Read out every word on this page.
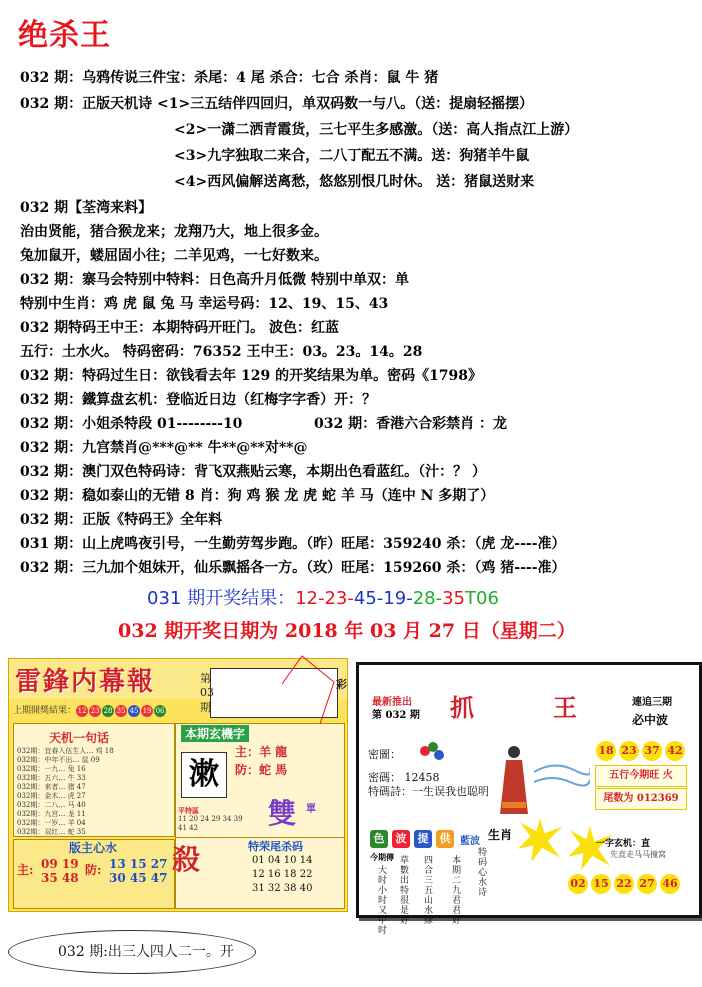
绝杀王
032 期：乌鸦传说三件宝：杀尾：4 尾 杀合：七合 杀肖：鼠 牛 猪
032 期：正版天机诗 <1>三五结伴四回归，单双码数一与八。（送：提扇轻摇摆）
<2>一潇二洒青霞货，三七平生多感激。（送：高人指点江上游）
<3>九字独取二来合，二八丁配五不满。送：狗猪羊牛鼠
<4>西风偏解送离愁，悠悠别恨几时休。 送：猪鼠送财来
032 期【荃湾来料】
治由贤能，猪合猴龙来；龙翔乃大，地上很多金。
兔加鼠开，蝼屈固小往；二羊见鸡，一七好数来。
032 期：寨马会特别中特料：日色高升月低微 特别中单双：单
特别中生肖：鸡 虎 鼠 兔 马 幸运号码：12、19、15、43
032 期特码王中王：本期特码开旺门。 波色：红蓝
五行：土水火。 特码密码：76352 王中王：03。23。14。28
032 期：特码过生日：欲钱看去年 129 的开奖结果为单。密码《1798》
032 期：鐵算盘玄机：登临近日边（红梅字字香）开：？
032 期：小姐杀特段 01--------10	032 期：香港六合彩禁肖 ：龙
032 期：九宫禁肖@***@** 牛**@**对**@
032 期：澳门双色特码诗：背飞双燕贴云寒，本期出色看蓝红。（汁：？ ）
032 期：稳如泰山的无错 8 肖：狗 鸡 猴 龙 虎 蛇 羊 马（连中 N 多期了）
032 期：正版《特码王》全年料
031 期：山上虎鸣夜引号，一生勤劳驾步跑。（昨）旺尾：359240 杀：（虎 龙----准）
032 期：三九加个姐妹开，仙乐飘摇各一方。（玫）旺尾：159260 杀：（鸡 猪----准）
031 期开奖结果：12-23-45-19-28-35T06
032 期开奖日期为 2018 年 03 月 27 日（星期二）
雷鋒内幕報
上期開獎結果： 12 23 28 35 45 19 06
天机一句话
032期：宜春入伍生人… 鸡 18
032期：中年不出… 鼠 09
032期：一九… 兔 16
032期：五六… 牛 33
032期：来者… 猪 47
032期：金木… 虎 27
032期：二八… 马 40
032期：九宫… 龙 11
032期：一岁… 羊 04
032期：双红… 蛇 35
版主心水
主: 09 19
35 48
防: 13 15 27
30 45 47
本期玄機字
主：羊 龍
防：蛇 馬
漱
雙 單
平特區
11 20 24 29 34 39 41 42
殺	特荣尾杀码
01 04 10 14
12 16 18 22
31 32 38 40
第
03
期
彩
最新推出
第 032 期 抓	王	連追三期
必中波
18 23 37 42
密圖：
密碼： 12458
特碼詩：一生误我也聪明
五行今期旺 火
尾数为 012369
色	波	提	供 藍波 生肖
今期傳
大时小时又中时
草數出特很是好
四合三五山水綠
本期二九君君好
特码心水诗
一字玄机：直
先直走马马撞窝
02 15 22 27 46
032 期:出三人四人二一。开
